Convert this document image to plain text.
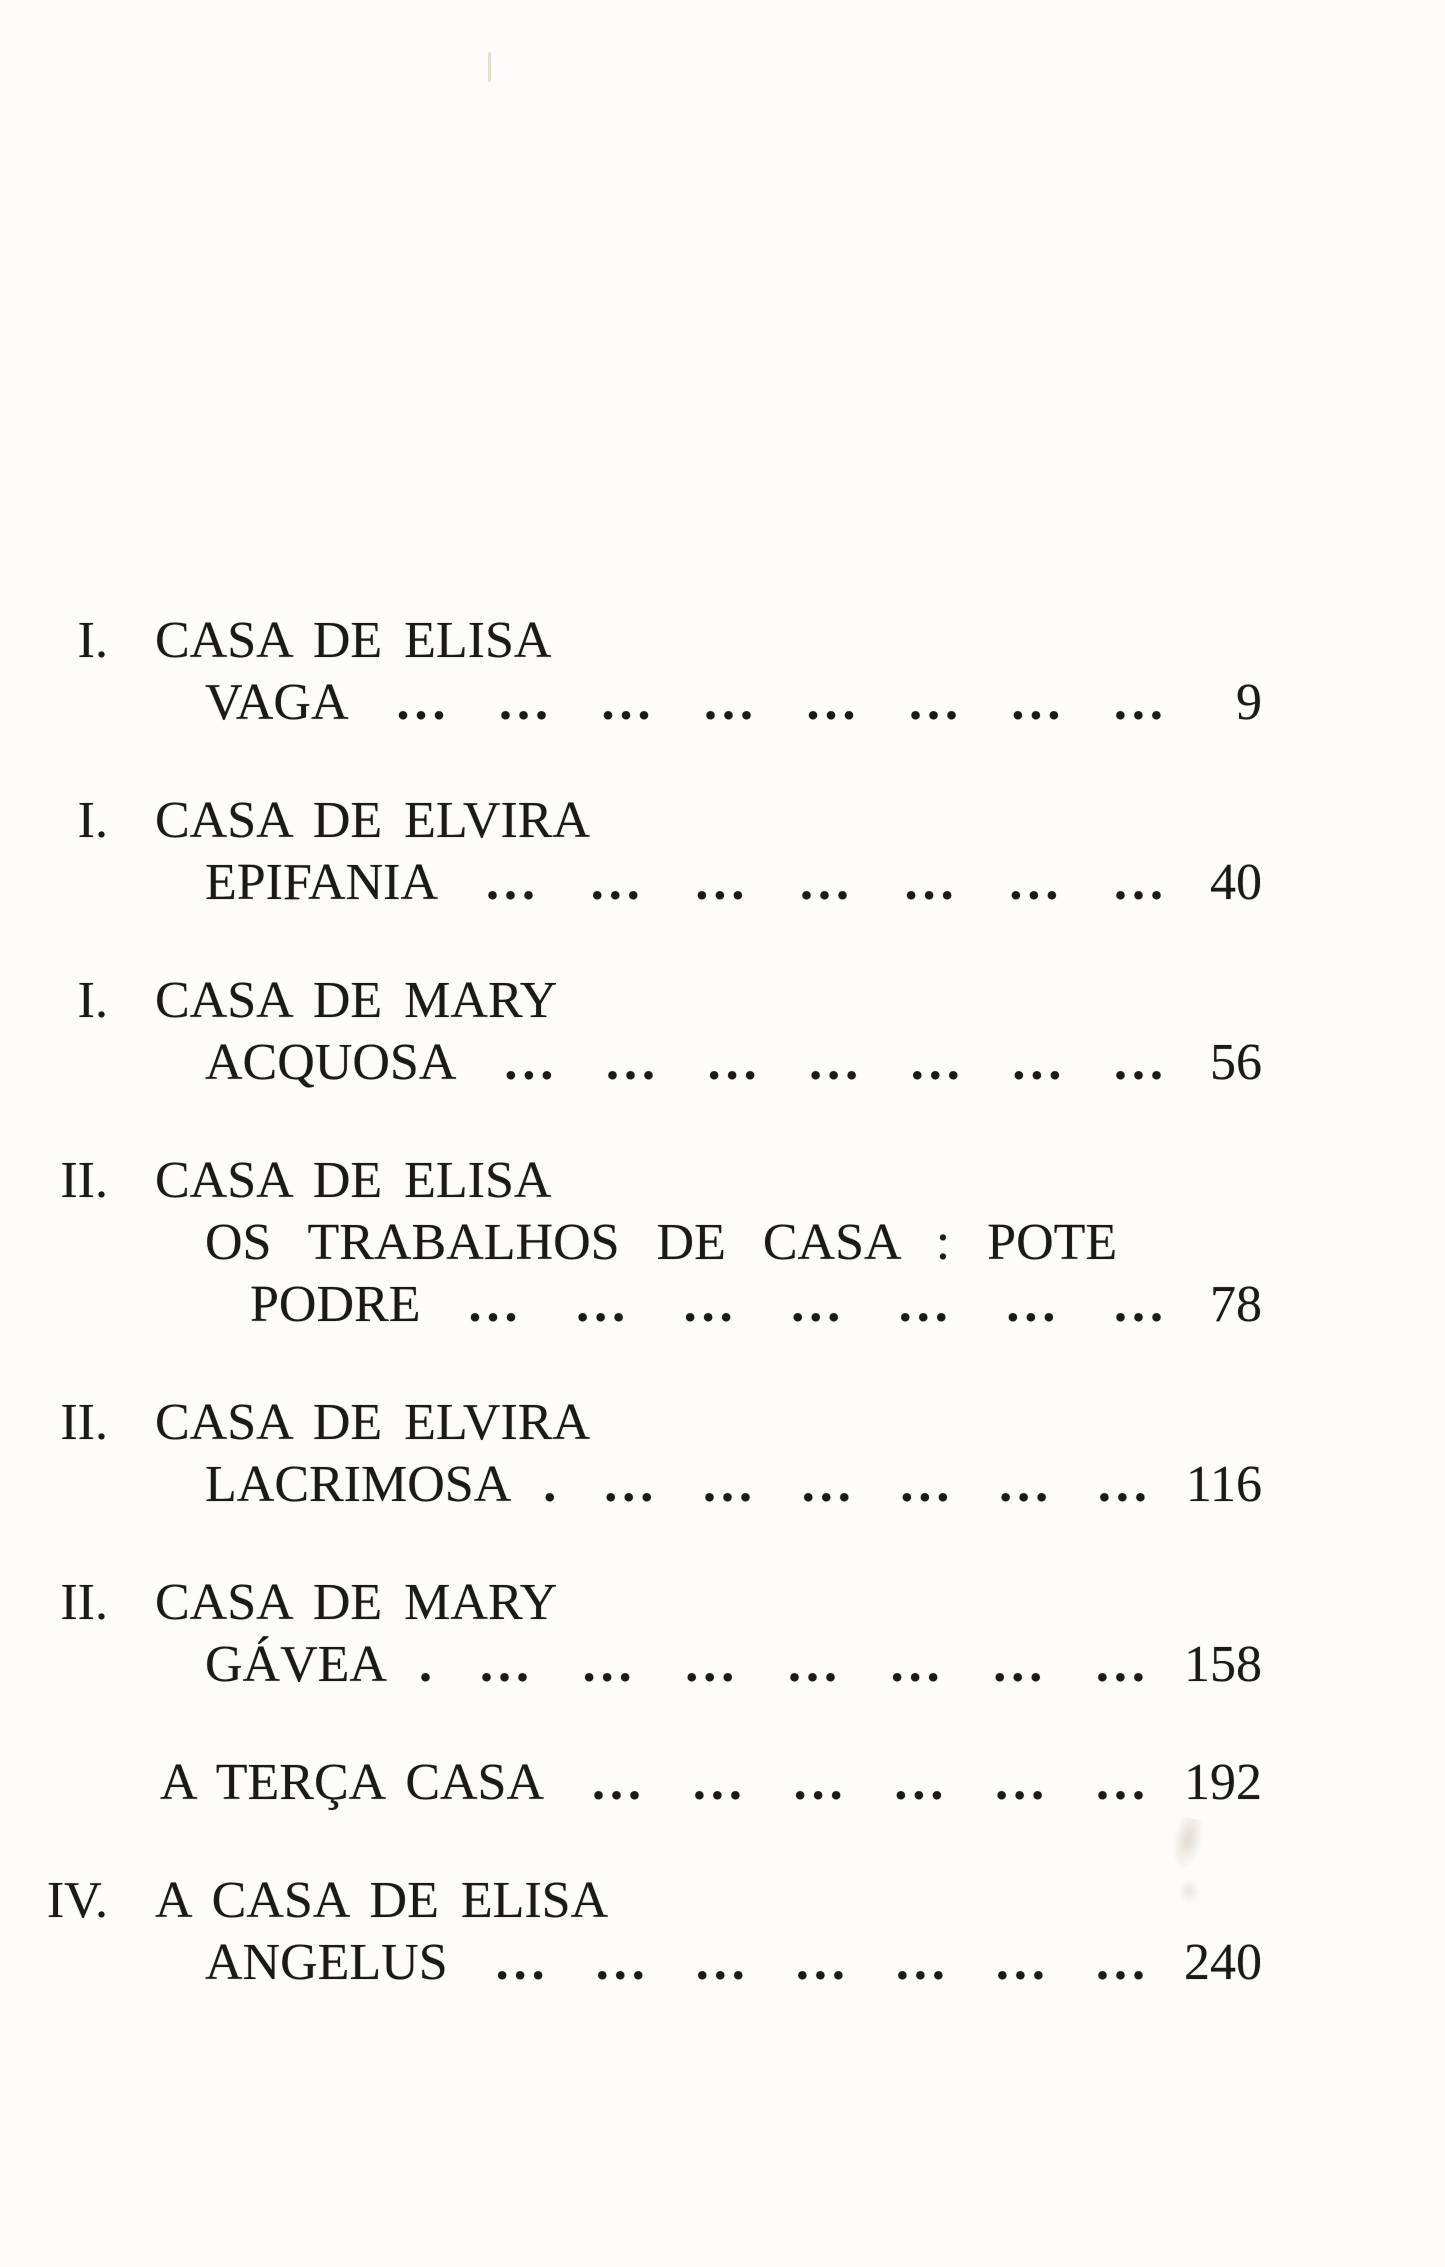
I. CASA DE ELISA
VAGA ... ... ... ... ... ... ... ...	9
I. CASA DE ELVIRA
EPIFANIA ... ... ... ... ... ... ... 40
I. CASA DE MARY
ACQUOSA ... ... ... ... ... ... ... 56
II. CASA DE ELISA
OS TRABALHOS DE CASA : POTE
PODRE ... ... ... ... ... ... ... 78
II. CASA DE ELVIRA
LACRIMOSA . ... ... ... ... ... ... 116
II. CASA DE MARY
GÁVEA . ... ... ... ... ... ... ... 158
A TERÇA CASA ... ... ... ... ... ... 192
IV. A CASA DE ELISA
ANGELUS ... ... ... ... ... ... ... 240
